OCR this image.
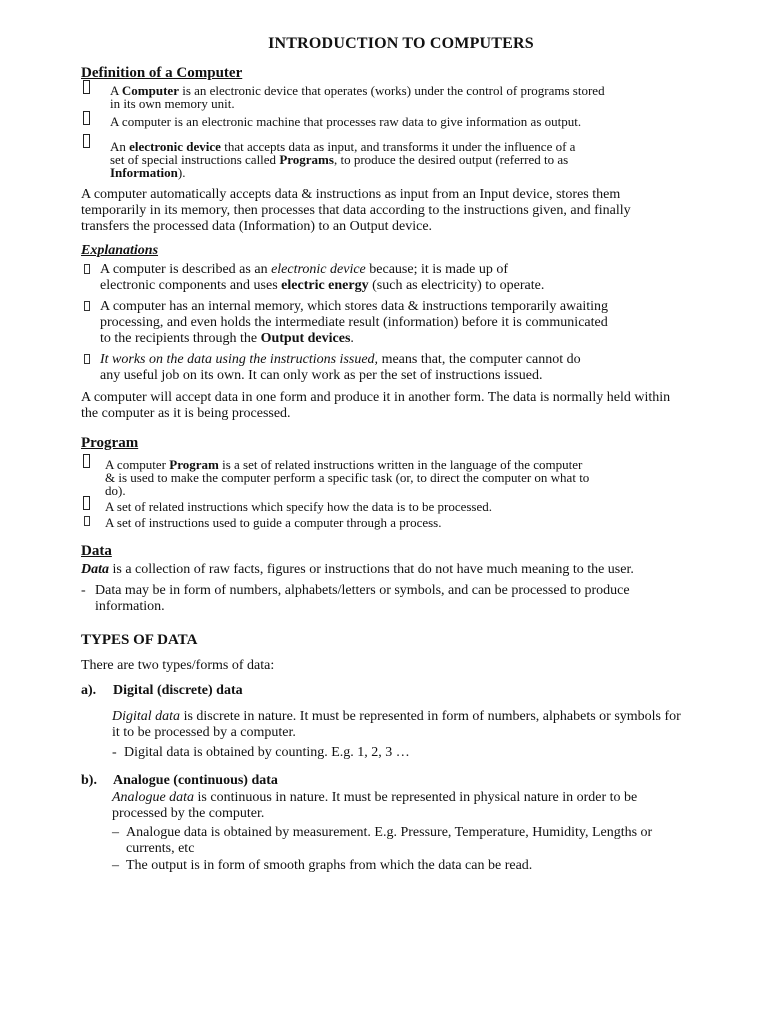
INTRODUCTION TO COMPUTERS
Definition of a Computer
A Computer is an electronic device that operates (works) under the control of programs stored
in its own memory unit.
A computer is an electronic machine that processes raw data to give information as output.
An electronic device that accepts data as input, and transforms it under the influence of a
set of special instructions called Programs, to produce the desired output (referred to as
Information).

A computer automatically accepts data & instructions as input from an Input device, stores them temporarily in its memory, then processes that data according to the instructions given, and finally transfers the processed data (Information) to an Output device.

Explanations
A computer is described as an electronic device because; it is made up of
electronic components and uses electric energy (such as electricity) to operate.
A computer has an internal memory, which stores data & instructions temporarily awaiting
processing, and even holds the intermediate result (information) before it is communicated
to the recipients through the Output devices.
It works on the data using the instructions issued, means that, the computer cannot do
any useful job on its own. It can only work as per the set of instructions issued.

A computer will accept data in one form and produce it in another form. The data is normally held within the computer as it is being processed.

Program
A computer Program is a set of related instructions written in the language of the computer
& is used to make the computer perform a specific task (or, to direct the computer on what to
do).
A set of related instructions which specify how the data is to be processed.
A set of instructions used to guide a computer through a process.
Data

Data is a collection of raw facts, figures or instructions that do not have much meaning to the user.

- Data may be in form of numbers, alphabets/letters or symbols, and can be processed to produce information.
TYPES OF DATA

There are two types/forms of data:

a). Digital (discrete) data

Digital data is discrete in nature. It must be represented in form of numbers, alphabets or symbols for it to be processed by a computer.

- Digital data is obtained by counting. E.g. 1, 2, 3 …
b). Analogue (continuous) data

Analogue data is continuous in nature. It must be represented in physical nature in order to be processed by the computer.

– Analogue data is obtained by measurement. E.g. Pressure, Temperature, Humidity, Lengths or currents, etc
– The output is in form of smooth graphs from which the data can be read.
